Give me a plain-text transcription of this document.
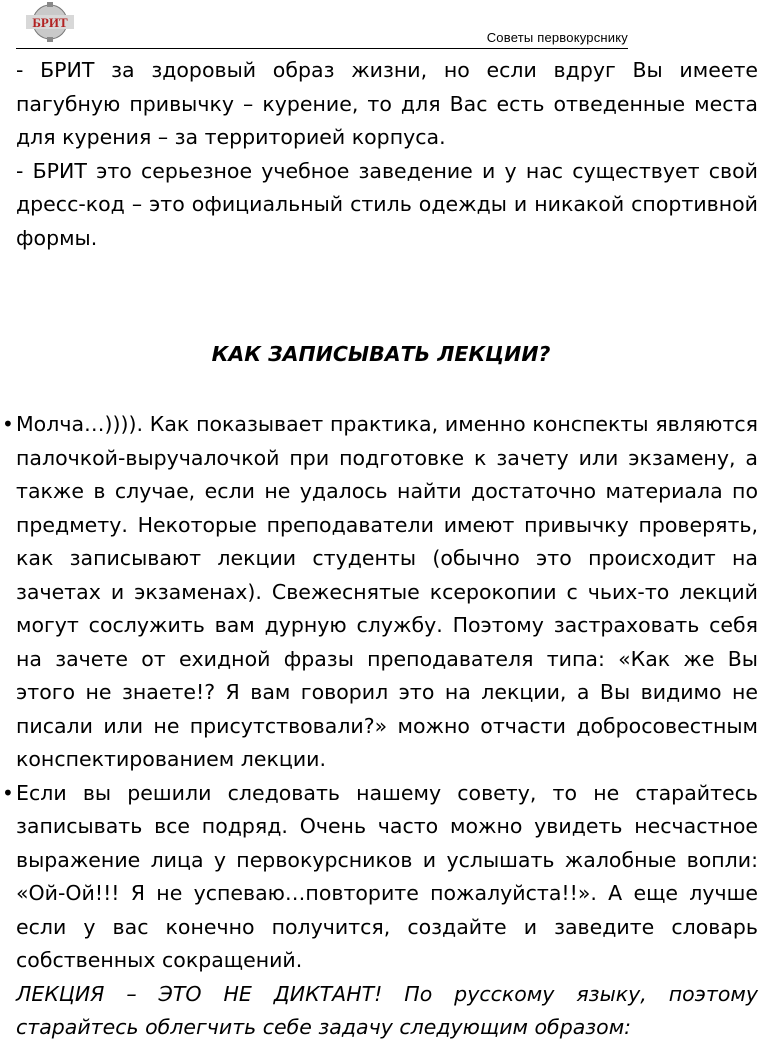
БРИТ
Советы первокурснику

- БРИТ за здоровый образ жизни, но если вдруг Вы имеете пагубную привычку – курение, то для Вас есть отведенные места для курения – за территорией корпуса.

- БРИТ это серьезное учебное заведение и у нас существует свой дресс-код – это официальный стиль одежды и никакой спортивной формы.

КАК ЗАПИСЫВАТЬ ЛЕКЦИИ?
• Молча…)))). Как показывает практика, именно конспекты являются палочкой-выручалочкой при подготовке к зачету или экзамену, а также в случае, если не удалось найти достаточно материала по предмету. Некоторые преподаватели имеют привычку проверять, как записывают лекции студенты (обычно это происходит на зачетах и экзаменах). Свежеснятые ксерокопии с чьих-то лекций могут сослужить вам дурную службу. Поэтому застраховать себя на зачете от ехидной фразы преподавателя типа: «Как же Вы этого не знаете!? Я вам говорил это на лекции, а Вы видимо не писали или не присутствовали?» можно отчасти добросовестным конспектированием лекции.

• Если вы решили следовать нашему совету, то не старайтесь записывать все подряд. Очень часто можно увидеть несчастное выражение лица у первокурсников и услышать жалобные вопли: «Ой-Ой!!! Я не успеваю…повторите пожалуйста!!». А еще лучше если у вас конечно получится, создайте и заведите словарь собственных сокращений.

ЛЕКЦИЯ – ЭТО НЕ ДИКТАНТ! По русскому языку, поэтому старайтесь облегчить себе задачу следующим образом:
